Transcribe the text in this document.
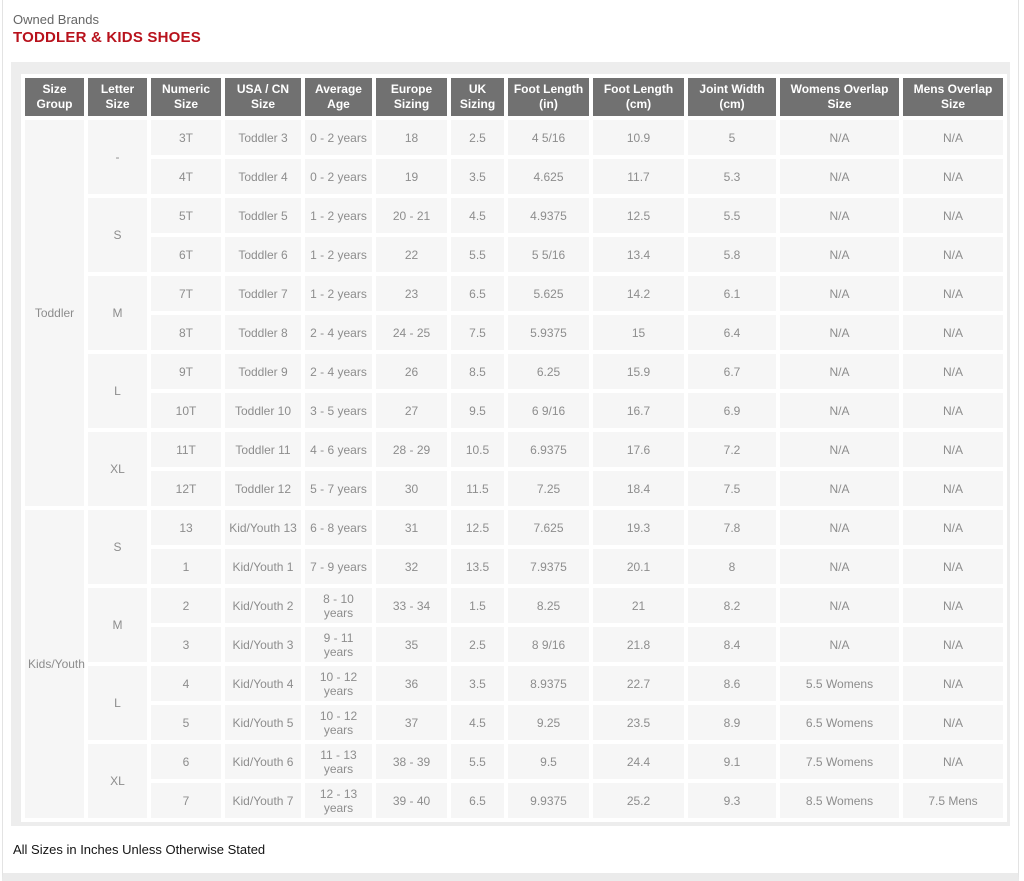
Owned Brands
TODDLER & KIDS SHOES
Size Group	Letter Size	Numeric Size	USA / CN Size	Average Age	Europe Sizing	UK Sizing	Foot Length (in)	Foot Length (cm)	Joint Width (cm)	Womens Overlap Size	Mens Overlap Size
Toddler	-	3T	Toddler 3	0 - 2 years	18	2.5	4 5/16	10.9	5	N/A	N/A
		4T	Toddler 4	0 - 2 years	19	3.5	4.625	11.7	5.3	N/A	N/A
	S	5T	Toddler 5	1 - 2 years	20 - 21	4.5	4.9375	12.5	5.5	N/A	N/A
		6T	Toddler 6	1 - 2 years	22	5.5	5 5/16	13.4	5.8	N/A	N/A
	M	7T	Toddler 7	1 - 2 years	23	6.5	5.625	14.2	6.1	N/A	N/A
		8T	Toddler 8	2 - 4 years	24 - 25	7.5	5.9375	15	6.4	N/A	N/A
	L	9T	Toddler 9	2 - 4 years	26	8.5	6.25	15.9	6.7	N/A	N/A
		10T	Toddler 10	3 - 5 years	27	9.5	6 9/16	16.7	6.9	N/A	N/A
	XL	11T	Toddler 11	4 - 6 years	28 - 29	10.5	6.9375	17.6	7.2	N/A	N/A
		12T	Toddler 12	5 - 7 years	30	11.5	7.25	18.4	7.5	N/A	N/A
Kids/Youth	S	13	Kid/Youth 13	6 - 8 years	31	12.5	7.625	19.3	7.8	N/A	N/A
		1	Kid/Youth 1	7 - 9 years	32	13.5	7.9375	20.1	8	N/A	N/A
	M	2	Kid/Youth 2	8 - 10 years	33 - 34	1.5	8.25	21	8.2	N/A	N/A
		3	Kid/Youth 3	9 - 11 years	35	2.5	8 9/16	21.8	8.4	N/A	N/A
	L	4	Kid/Youth 4	10 - 12 years	36	3.5	8.9375	22.7	8.6	5.5 Womens	N/A
		5	Kid/Youth 5	10 - 12 years	37	4.5	9.25	23.5	8.9	6.5 Womens	N/A
	XL	6	Kid/Youth 6	11 - 13 years	38 - 39	5.5	9.5	24.4	9.1	7.5 Womens	N/A
		7	Kid/Youth 7	12 - 13 years	39 - 40	6.5	9.9375	25.2	9.3	8.5 Womens	7.5 Mens
All Sizes in Inches Unless Otherwise Stated
